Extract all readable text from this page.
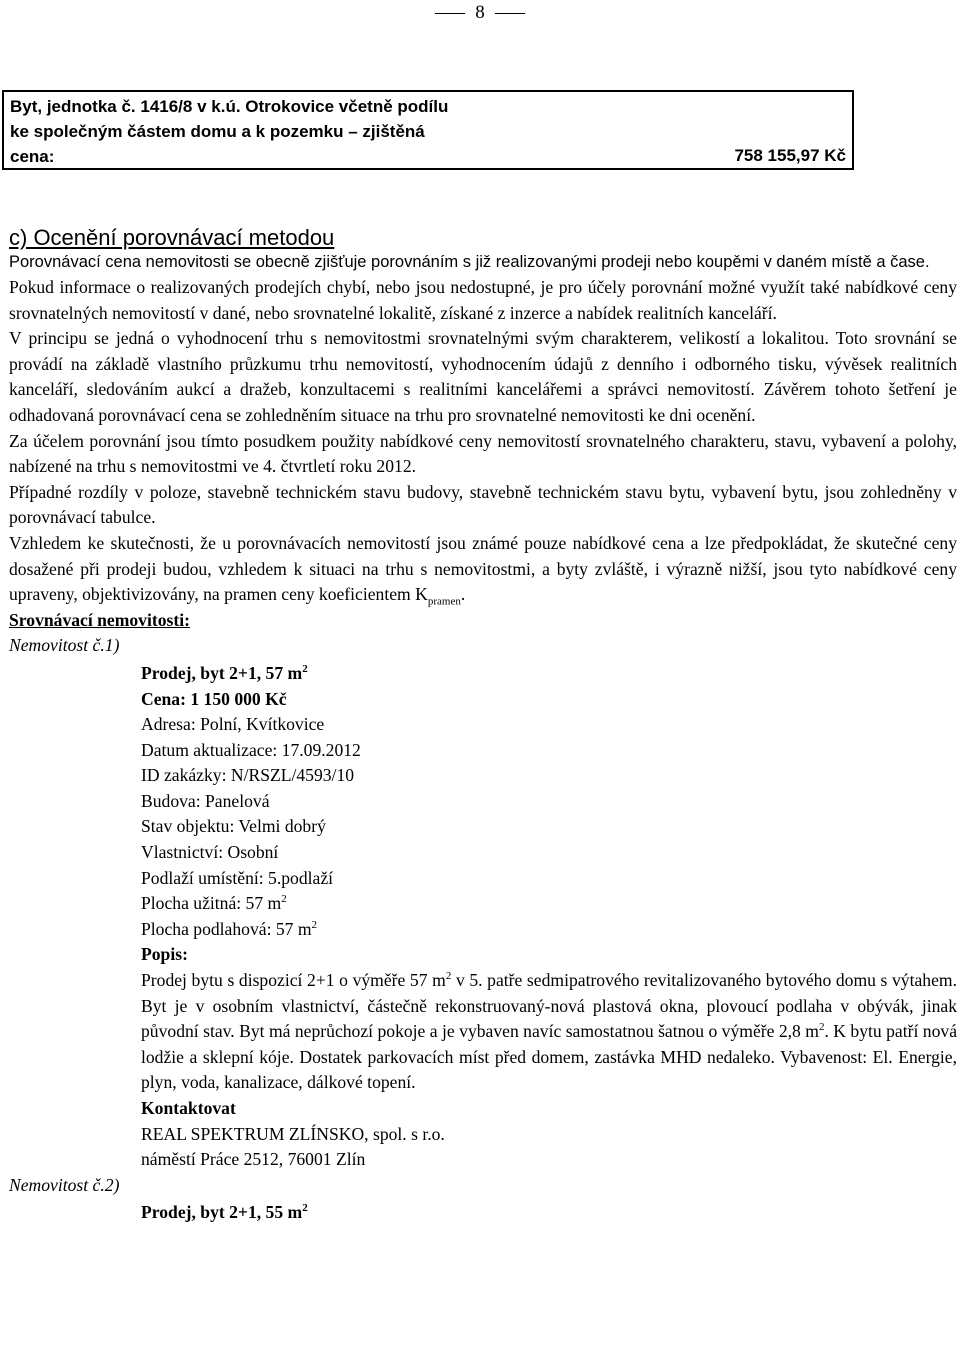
8
Byt, jednotka č. 1416/8 v k.ú. Otrokovice včetně podílu
ke společným částem domu a k pozemku – zjištěná
cena:	758 155,97 Kč
c) Ocenění porovnávací metodou

Porovnávací cena nemovitosti se obecně zjišťuje porovnáním s již realizovanými prodeji nebo koupěmi v daném místě a čase.

Pokud informace o realizovaných prodejích chybí, nebo jsou nedostupné, je pro účely porovnání možné využít také nabídkové ceny srovnatelných nemovitostí v dané, nebo srovnatelné lokalitě, získané z inzerce a nabídek realitních kanceláří.

V principu se jedná o vyhodnocení trhu s nemovitostmi srovnatelnými svým charakterem, velikostí a lokalitou. Toto srovnání se provádí na základě vlastního průzkumu trhu nemovitostí, vyhodnocením údajů z denního i odborného tisku, vývěsek realitních kanceláří, sledováním aukcí a dražeb, konzultacemi s realitními kancelářemi a správci nemovitostí. Závěrem tohoto šetření je odhadovaná porovnávací cena se zohledněním situace na trhu pro srovnatelné nemovitosti ke dni ocenění.

Za účelem porovnání jsou tímto posudkem použity nabídkové ceny nemovitostí srovnatelného charakteru, stavu, vybavení a polohy, nabízené na trhu s nemovitostmi ve 4. čtvrtletí roku 2012.

Případné rozdíly v poloze, stavebně technickém stavu budovy, stavebně technickém stavu bytu, vybavení bytu, jsou zohledněny v porovnávací tabulce.

Vzhledem ke skutečnosti, že u porovnávacích nemovitostí jsou známé pouze nabídkové cena a lze předpokládat, že skutečné ceny dosažené při prodeji budou, vzhledem k situaci na trhu s nemovitostmi, a byty zvláště, i výrazně nižší, jsou tyto nabídkové ceny upraveny, objektivizovány, na pramen ceny koeficientem $K_{pramen}$.

Srovnávací nemovitosti:

Nemovitost č.1)

Prodej, byt 2+1, 57 $m^2$

Cena: 1 150 000 Kč

Adresa: Polní, Kvítkovice

Datum aktualizace: 17.09.2012

ID zakázky: N/RSZL/4593/10

Budova: Panelová

Stav objektu: Velmi dobrý

Vlastnictví: Osobní

Podlaží umístění: 5.podlaží

Plocha užitná: 57 $m^2$

Plocha podlahová: 57 $m^2$

Popis:

Prodej bytu s dispozicí 2+1 o výměře 57 $m^2$ v 5. patře sedmipatrového revitalizovaného bytového domu s výtahem. Byt je v osobním vlastnictví, částečně rekonstruovaný-nová plastová okna, plovoucí podlaha v obývák, jinak původní stav. Byt má neprůchozí pokoje a je vybaven navíc samostatnou šatnou o výměře 2,8 $m^2$. K bytu patří nová lodžie a sklepní kóje. Dostatek parkovacích míst před domem, zastávka MHD nedaleko. Vybavenost: El. Energie, plyn, voda, kanalizace, dálkové topení.

Kontaktovat

REAL SPEKTRUM ZLÍNSKO, spol. s r.o.

náměstí Práce 2512, 76001 Zlín

Nemovitost č.2)

Prodej, byt 2+1, 55 $m^2$
